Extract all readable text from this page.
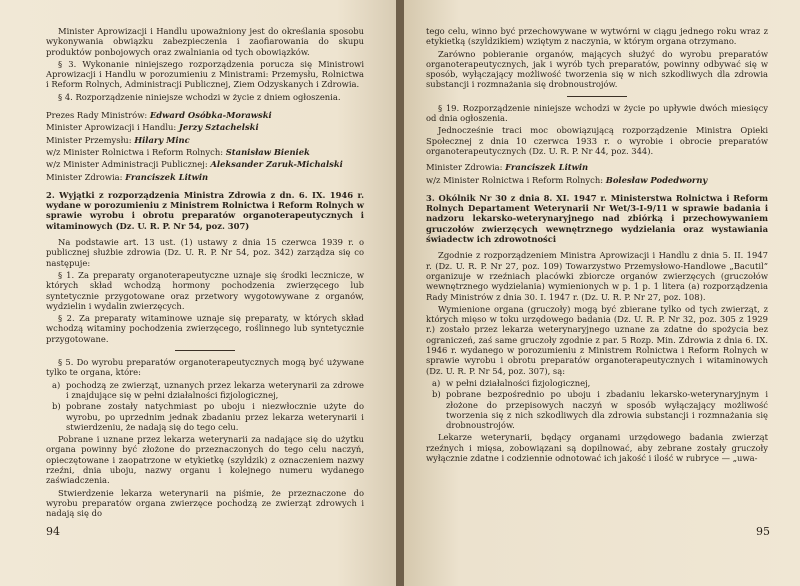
Minister Aprowizacji i Handlu upoważniony jest do określania sposobu wykonywania obwiązku zabezpieczenia i zaofiarowania do skupu produktów ponbojowych oraz zwalniania od tych obowiązków.

§ 3. Wykonanie niniejszego rozporządzenia porucza się Ministrowi Aprowizacji i Handlu w porozumieniu z Ministrami: Przemysłu, Rolnictwa i Reform Rolnych, Administracji Publicznej, Ziem Odzyskanych i Zdrowia.

§ 4. Rozporządzenie niniejsze wchodzi w życie z dniem ogłoszenia.

Prezes Rady Ministrów: Edward Osóbka-Morawski

Minister Aprowizacji i Handlu: Jerzy Sztachelski

Minister Przemysłu: Hilary Minc

w/z Minister Rolnictwa i Reform Rolnych: Stanisław Bieniek

w/z Minister Administracji Publicznej: Aleksander Zaruk-Michalski

Minister Zdrowia: Franciszek Litwin

2. Wyjątki z rozporządzenia Ministra Zdrowia z dn. 6. IX. 1946 r. wydane w porozumieniu z Ministrem Rolnictwa i Reform Rolnych w sprawie wyrobu i obrotu preparatów organoterapeutycznych i witaminowych (Dz. U. R. P. Nr 54, poz. 307)

Na podstawie art. 13 ust. (1) ustawy z dnia 15 czerwca 1939 r. o publicznej służbie zdrowia (Dz. U. R. P. Nr 54, poz. 342) zarządza się co następuje:

§ 1. Za preparaty organoterapeutyczne uznaje się środki lecznicze, w których skład wchodzą hormony pochodzenia zwierzęcego lub syntetycznie przygotowane oraz przetwory wygotowywane z organów, wydzielin i wydalin zwierzęcych.

§ 2. Za preparaty witaminowe uznaje się preparaty, w których skład wchodzą witaminy pochodzenia zwierzęcego, roślinnego lub syntetycznie przygotowane.

§ 5. Do wyrobu preparatów organoterapeutycznych mogą być używane tylko te organa, które:

a) pochodzą ze zwierząt, uznanych przez lekarza weterynarii za zdrowe i znajdujące się w pełni działalności fizjologicznej,
b) pobrane zostały natychmiast po uboju i niezwłocznie użyte do wyrobu, po uprzednim jednak zbadaniu przez lekarza weterynarii i stwierdzeniu, że nadają się do tego celu.

Pobrane i uznane przez lekarza weterynarii za nadające się do użytku organa powinny być złożone do przeznaczonych do tego celu naczyń, opieczętowane i zaopatrzone w etykietkę (szyldzik) z oznaczeniem nazwy rzeźni, dnia uboju, nazwy organu i kolejnego numeru wydanego zaświadczenia.

Stwierdzenie lekarza weterynarii na piśmie, że przeznaczone do wyrobu preparatów organa zwierzęce pochodzą ze zwierząt zdrowych i nadają się do

94

tego celu, winno być przechowywane w wytwórni w ciągu jednego roku wraz z etykietką (szyldzikiem) wziętym z naczynia, w którym organa otrzymano.

Zarówno pobieranie organów, mających służyć do wyrobu preparatów organoterapeutycznych, jak i wyrób tych preparatów, powinny odbywać się w sposób, wyłączający możliwość tworzenia się w nich szkodliwych dla zdrowia substancji i rozmnażania się drobnoustrojów.

§ 19. Rozporządzenie niniejsze wchodzi w życie po upływie dwóch miesięcy od dnia ogłoszenia.

Jednocześnie traci moc obowiązującą rozporządzenie Ministra Opieki Społecznej z dnia 10 czerwca 1933 r. o wyrobie i obrocie preparatów organoterapeutycznych (Dz. U. R. P. Nr 44, poz. 344).

Minister Zdrowia: Franciszek Litwin

w/z Minister Rolnictwa i Reform Rolnych: Bolesław Podedworny

3. Okólnik Nr 30 z dnia 8. XI. 1947 r. Ministerstwa Rolnictwa i Reform Rolnych Departament Weterynarii Nr Wet/3-I-9/11 w sprawie badania i nadzoru lekarsko-weterynaryjnego nad zbiórką i przechowywaniem gruczołów zwierzęcych wewnętrznego wydzielania oraz wystawiania świadectw ich zdrowotności

Zgodnie z rozporządzeniem Ministra Aprowizacji i Handlu z dnia 5. II. 1947 r. (Dz. U. R. P. Nr 27, poz. 109) Towarzystwo Przemysłowo-Handlowe „Bacutil” organizuje w rzeźniach placówki zbiorcze organów zwierzęcych (gruczołów wewnętrznego wydzielania) wymienionych w p. 1 p. 1 litera (a) rozporządzenia Rady Ministrów z dnia 30. I. 1947 r. (Dz. U. R. P. Nr 27, poz. 108).

Wymienione organa (gruczoły) mogą być zbierane tylko od tych zwierząt, z których mięso w toku urzędowego badania (Dz. U. R. P. Nr 32, poz. 305 z 1929 r.) zostało przez lekarza weterynaryjnego uznane za zdatne do spożycia bez ograniczeń, zaś same gruczoły zgodnie z par. 5 Rozp. Min. Zdrowia z dnia 6. IX. 1946 r. wydanego w porozumieniu z Ministrem Rolnictwa i Reform Rolnych w sprawie wyrobu i obrotu preparatów organoterapeutycznych i witaminowych (Dz. U. R. P. Nr 54, poz. 307), są:

a) w pełni działalności fizjologicznej,
b) pobrane bezpośrednio po uboju i zbadaniu lekarsko-weterynaryjnym i złożone do przepisowych naczyń w sposób wyłączający możliwość tworzenia się z nich szkodliwych dla zdrowia substancji i rozmnażania się drobnoustrojów.

Lekarze weterynarii, będący organami urzędowego badania zwierząt rzeźnych i mięsa, zobowiązani są dopilnować, aby zebrane zostały gruczoły wyłącznie zdatne i codziennie odnotować ich jakość i ilość w rubryce — „uwa-

95
